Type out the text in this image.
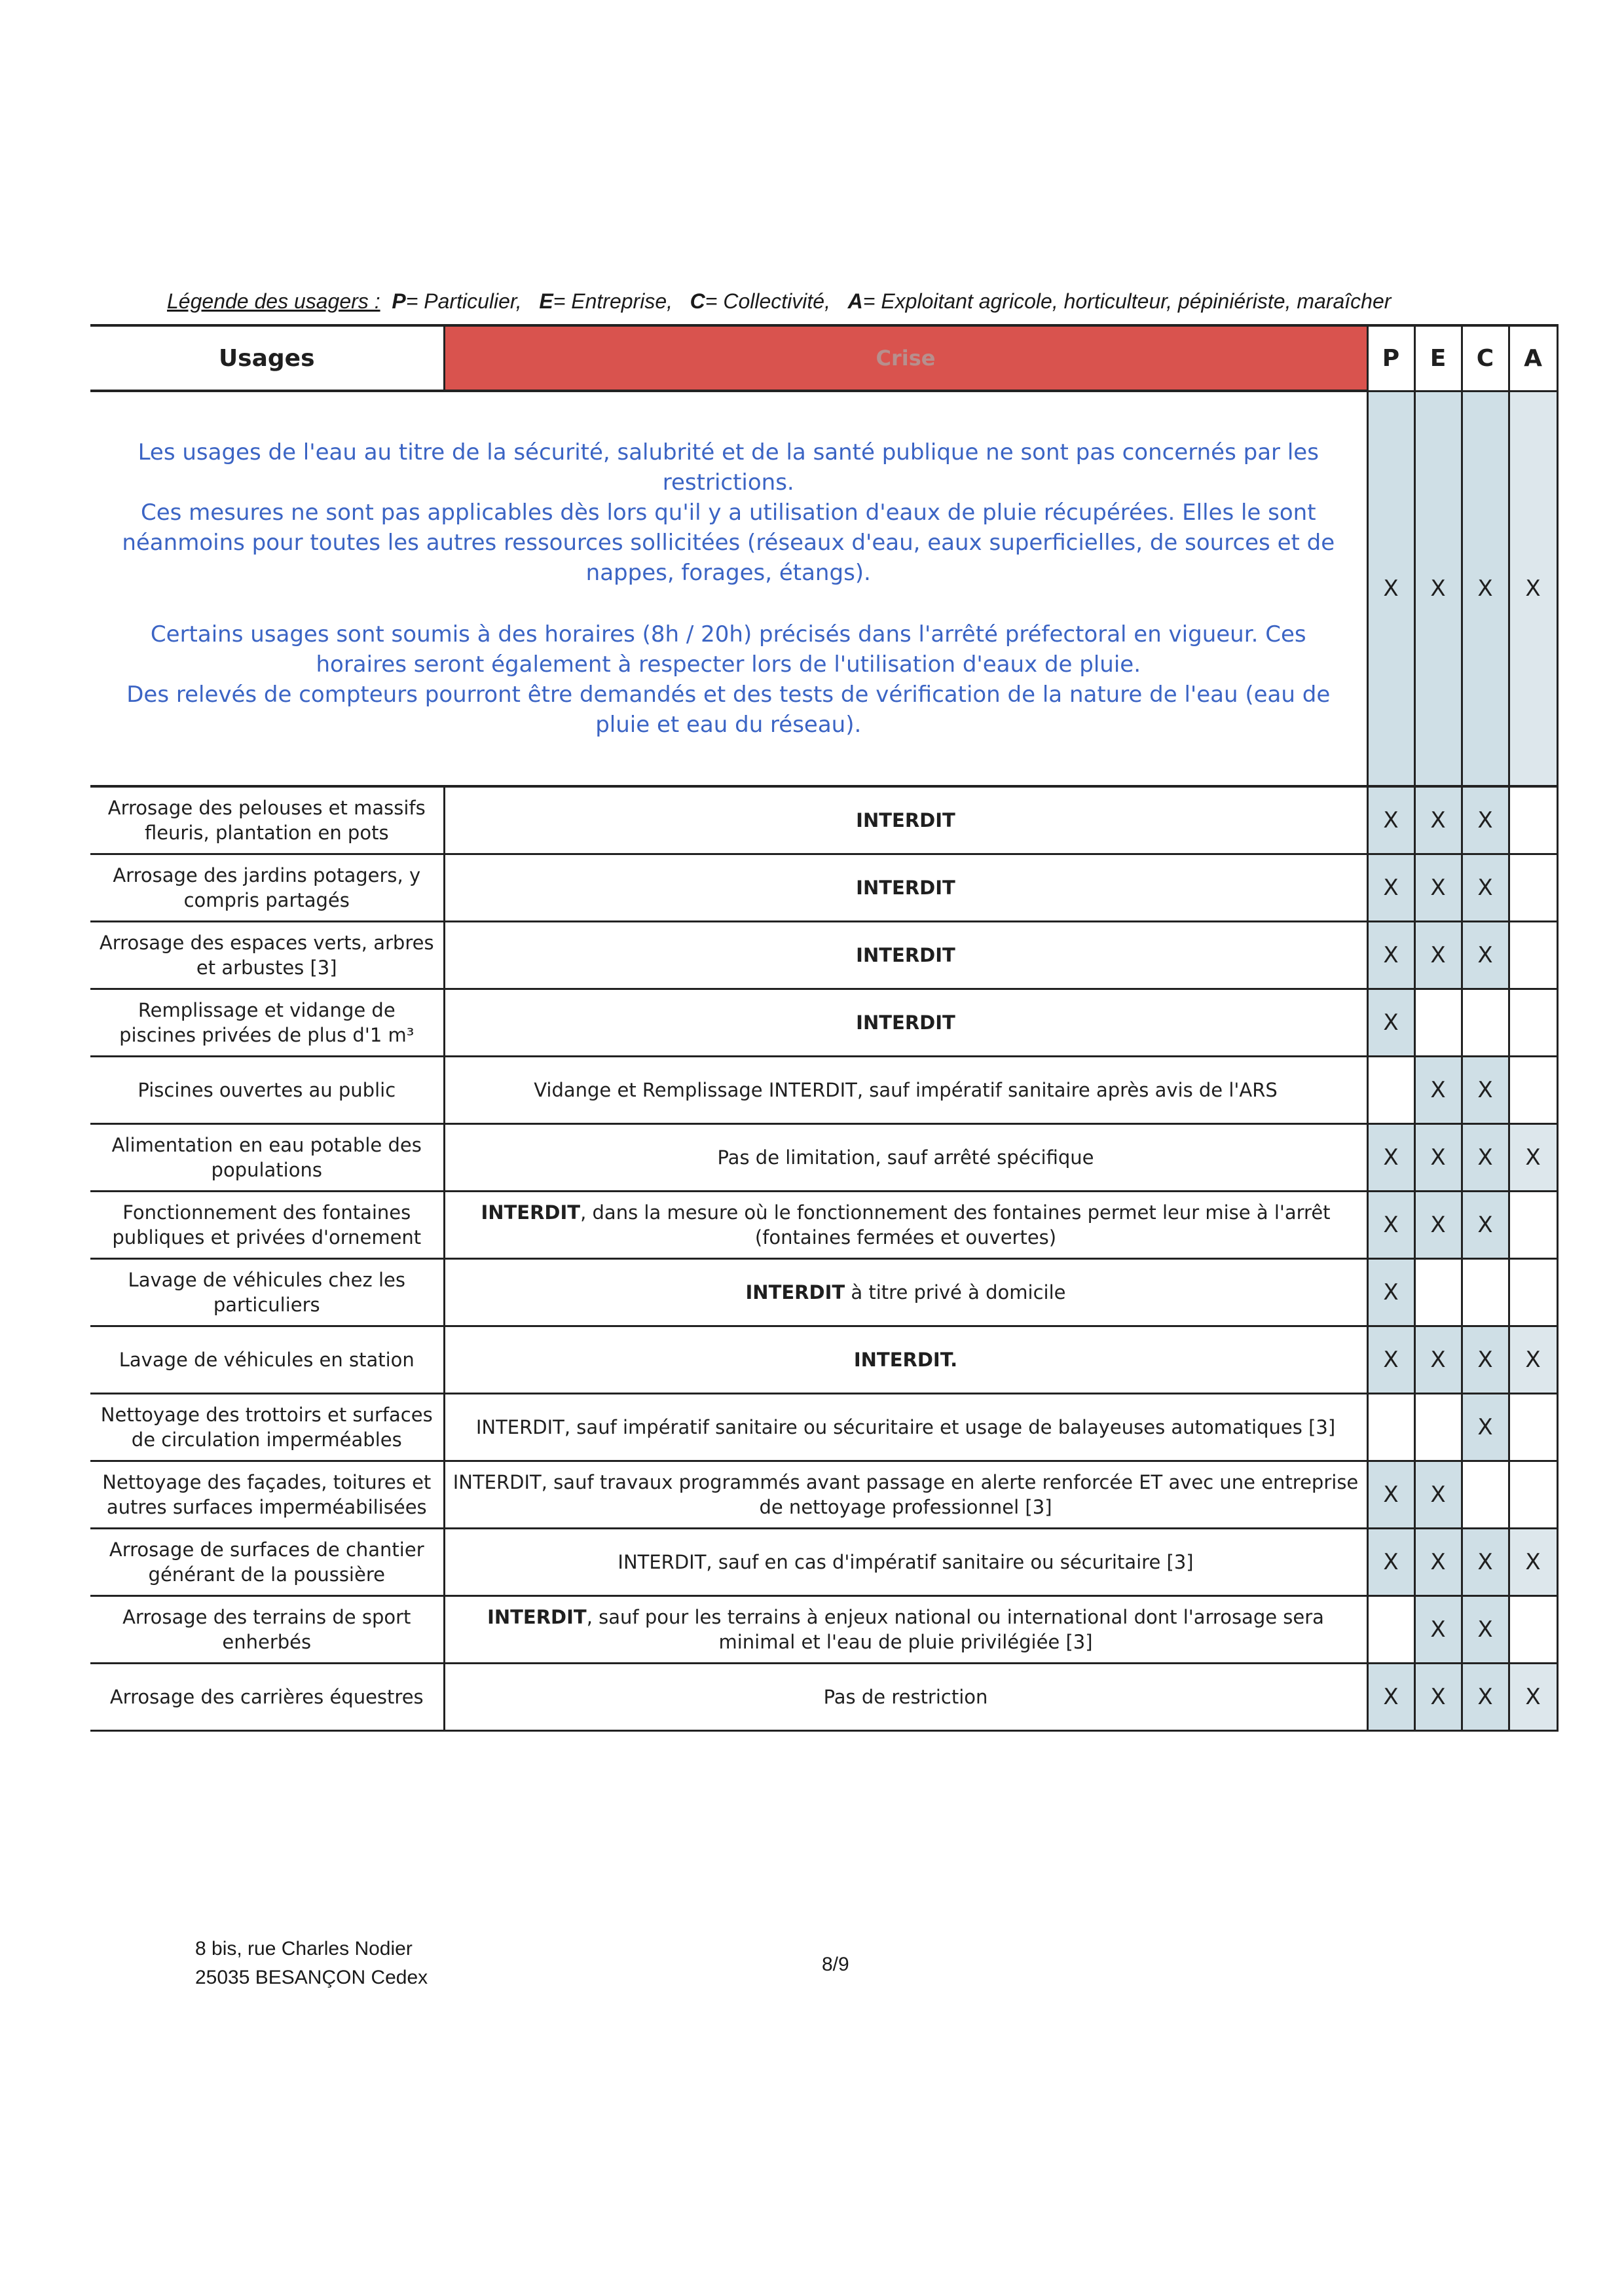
Légende des usagers : P= Particulier, E= Entreprise, C= Collectivité, A= Exploitant agricole, horticulteur, pépiniériste, maraîcher
Usages	Crise	P	E	C	A

Les usages de l'eau au titre de la sécurité, salubrité et de la santé publique ne sont pas concernés par les restrictions.

Ces mesures ne sont pas applicables dès lors qu'il y a utilisation d'eaux de pluie récupérées. Elles le sont néanmoins pour toutes les autres ressources sollicitées (réseaux d'eau, eaux superficielles, de sources et de nappes, forages, étangs).

Certains usages sont soumis à des horaires (8h / 20h) précisés dans l'arrêté préfectoral en vigueur. Ces horaires seront également à respecter lors de l'utilisation d'eaux de pluie.

Des relevés de compteurs pourront être demandés et des tests de vérification de la nature de l'eau (eau de pluie et eau du réseau).		X	X	X	X
Arrosage des pelouses et massifs fleuris, plantation en pots	INTERDIT	X	X	X	
Arrosage des jardins potagers, y compris partagés	INTERDIT	X	X	X	
Arrosage des espaces verts, arbres et arbustes [3]	INTERDIT	X	X	X	
Remplissage et vidange de piscines privées de plus d'1 m³	INTERDIT	X			
Piscines ouvertes au public	Vidange et Remplissage INTERDIT, sauf impératif sanitaire après avis de l'ARS		X	X	
Alimentation en eau potable des populations	Pas de limitation, sauf arrêté spécifique	X	X	X	X
Fonctionnement des fontaines publiques et privées d'ornement	INTERDIT, dans la mesure où le fonctionnement des fontaines permet leur mise à l'arrêt (fontaines fermées et ouvertes)	X	X	X	
Lavage de véhicules chez les particuliers	INTERDIT à titre privé à domicile	X			
Lavage de véhicules en station	INTERDIT.	X	X	X	X
Nettoyage des trottoirs et surfaces de circulation imperméables	INTERDIT, sauf impératif sanitaire ou sécuritaire et usage de balayeuses automatiques [3]			X	
Nettoyage des façades, toitures et autres surfaces imperméabilisées	INTERDIT, sauf travaux programmés avant passage en alerte renforcée ET avec une entreprise de nettoyage professionnel [3]	X	X		
Arrosage de surfaces de chantier générant de la poussière	INTERDIT, sauf en cas d'impératif sanitaire ou sécuritaire [3]	X	X	X	X
Arrosage des terrains de sport enherbés	INTERDIT, sauf pour les terrains à enjeux national ou international dont l'arrosage sera minimal et l'eau de pluie privilégiée [3]		X	X	
Arrosage des carrières équestres	Pas de restriction	X	X	X	X
8 bis, rue Charles Nodier
25035 BESANÇON Cedex
8/9
